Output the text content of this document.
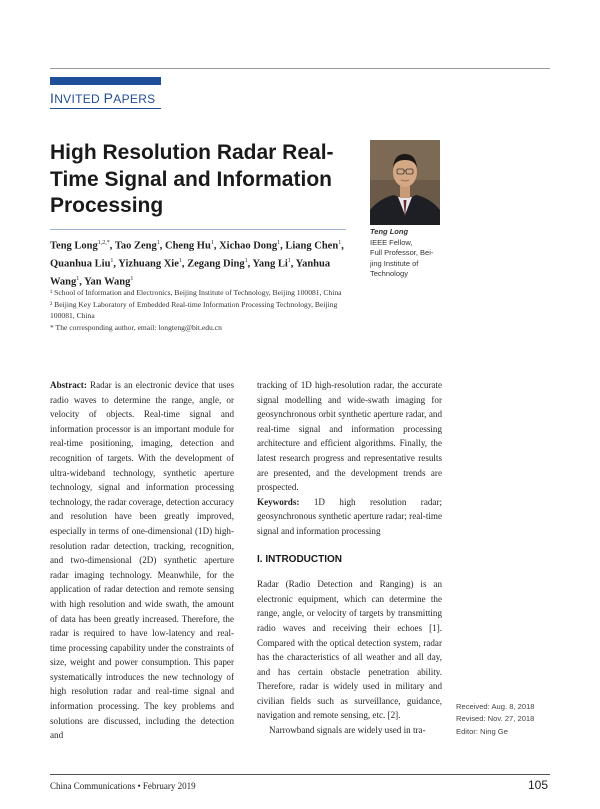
INVITED PAPERS
High Resolution Radar Real-
Time Signal and Information
Processing
Teng Long
IEEE Fellow,
Full Professor, Bei-
jing Institute of
Technology
Teng Long$^{1,2,*}$, Tao Zeng$^1$, Cheng Hu$^1$, Xichao Dong$^1$, Liang Chen$^1$, Quanhua Liu$^1$, Yizhuang Xie$^1$, Zegang Ding$^1$, Yang Li$^1$, Yanhua Wang$^1$, Yan Wang$^1$

¹ School of Information and Electronics, Beijing Institute of Technology, Beijing 100081, China

² Beijing Key Laboratory of Embedded Real-time Information Processing Technology, Beijing 100081, China

* The corresponding author, email: longteng@bit.edu.cn

Abstract: Radar is an electronic device that uses radio waves to determine the range, angle, or velocity of objects. Real-time signal and information processor is an important module for real-time positioning, imaging, detection and recognition of targets. With the development of ultra-wideband technology, synthetic aperture technology, signal and information processing technology, the radar coverage, detection accuracy and resolution have been greatly improved, especially in terms of one-dimensional (1D) high-resolution radar detection, tracking, recognition, and two-dimensional (2D) synthetic aperture radar imaging technology. Meanwhile, for the application of radar detection and remote sensing with high resolution and wide swath, the amount of data has been greatly increased. Therefore, the radar is required to have low-latency and real-time processing capability under the constraints of size, weight and power consumption. This paper systematically introduces the new technology of high resolution radar and real-time signal and information processing. The key problems and solutions are discussed, including the detection and

tracking of 1D high-resolution radar, the accurate signal modelling and wide-swath imaging for geosynchronous orbit synthetic aperture radar, and real-time signal and information processing architecture and efficient algorithms. Finally, the latest research progress and representative results are presented, and the development trends are prospected.

Keywords: 1D high resolution radar; geosynchronous synthetic aperture radar; real-time signal and information processing

I. INTRODUCTION

Radar (Radio Detection and Ranging) is an electronic equipment, which can determine the range, angle, or velocity of targets by transmitting radio waves and receiving their echoes [1]. Compared with the optical detection system, radar has the characteristics of all weather and all day, and has certain obstacle penetration ability. Therefore, radar is widely used in military and civilian fields such as surveillance, guidance, navigation and remote sensing, etc. [2].

Narrowband signals are widely used in tra-

Received: Aug. 8, 2018
Revised: Nov. 27, 2018
Editor: Ning Ge
China Communications • February 2019	105
